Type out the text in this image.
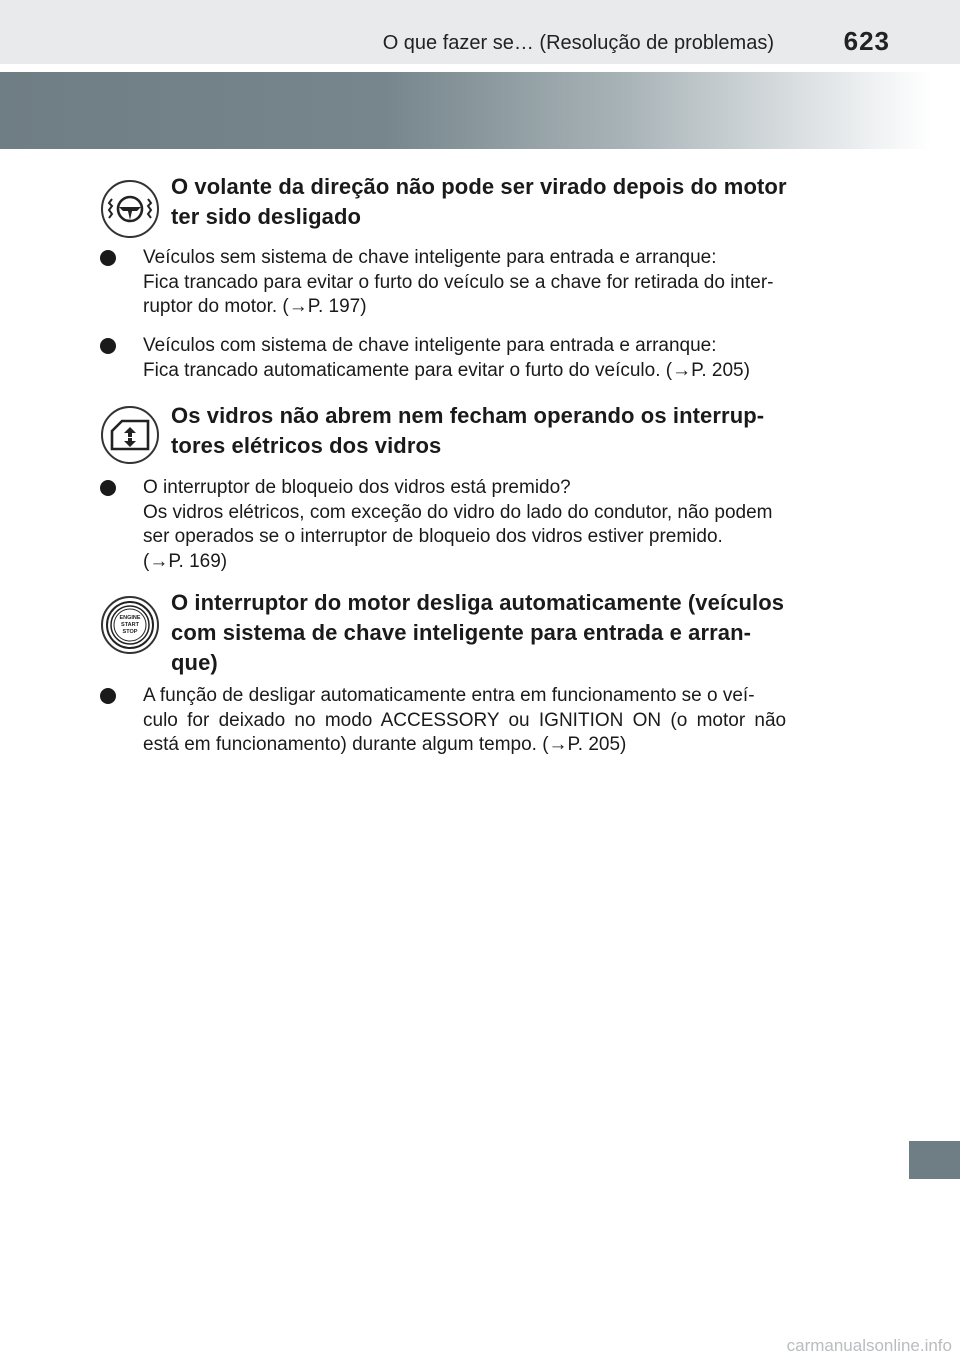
O que fazer se… (Resolução de problemas)	623
O volante da direção não pode ser virado depois do motor
ter sido desligado

Veículos sem sistema de chave inteligente para entrada e arranque:

Fica trancado para evitar o furto do veículo se a chave for retirada do inter-

ruptor do motor. (→P. 197)

Veículos com sistema de chave inteligente para entrada e arranque:

Fica trancado automaticamente para evitar o furto do veículo. (→P. 205)

Os vidros não abrem nem fecham operando os interrup-
tores elétricos dos vidros

O interruptor de bloqueio dos vidros está premido?

Os vidros elétricos, com exceção do vidro do lado do condutor, não podem

ser operados se o interruptor de bloqueio dos vidros estiver premido.

(→P. 169)

ENGINE
START
STOP
O interruptor do motor desliga automaticamente (veículos
com sistema de chave inteligente para entrada e arran-
que)

A função de desligar automaticamente entra em funcionamento se o veí-

culo for deixado no modo ACCESSORY ou IGNITION ON (o motor não

está em funcionamento) durante algum tempo. (→P. 205)

carmanualsonline.info
